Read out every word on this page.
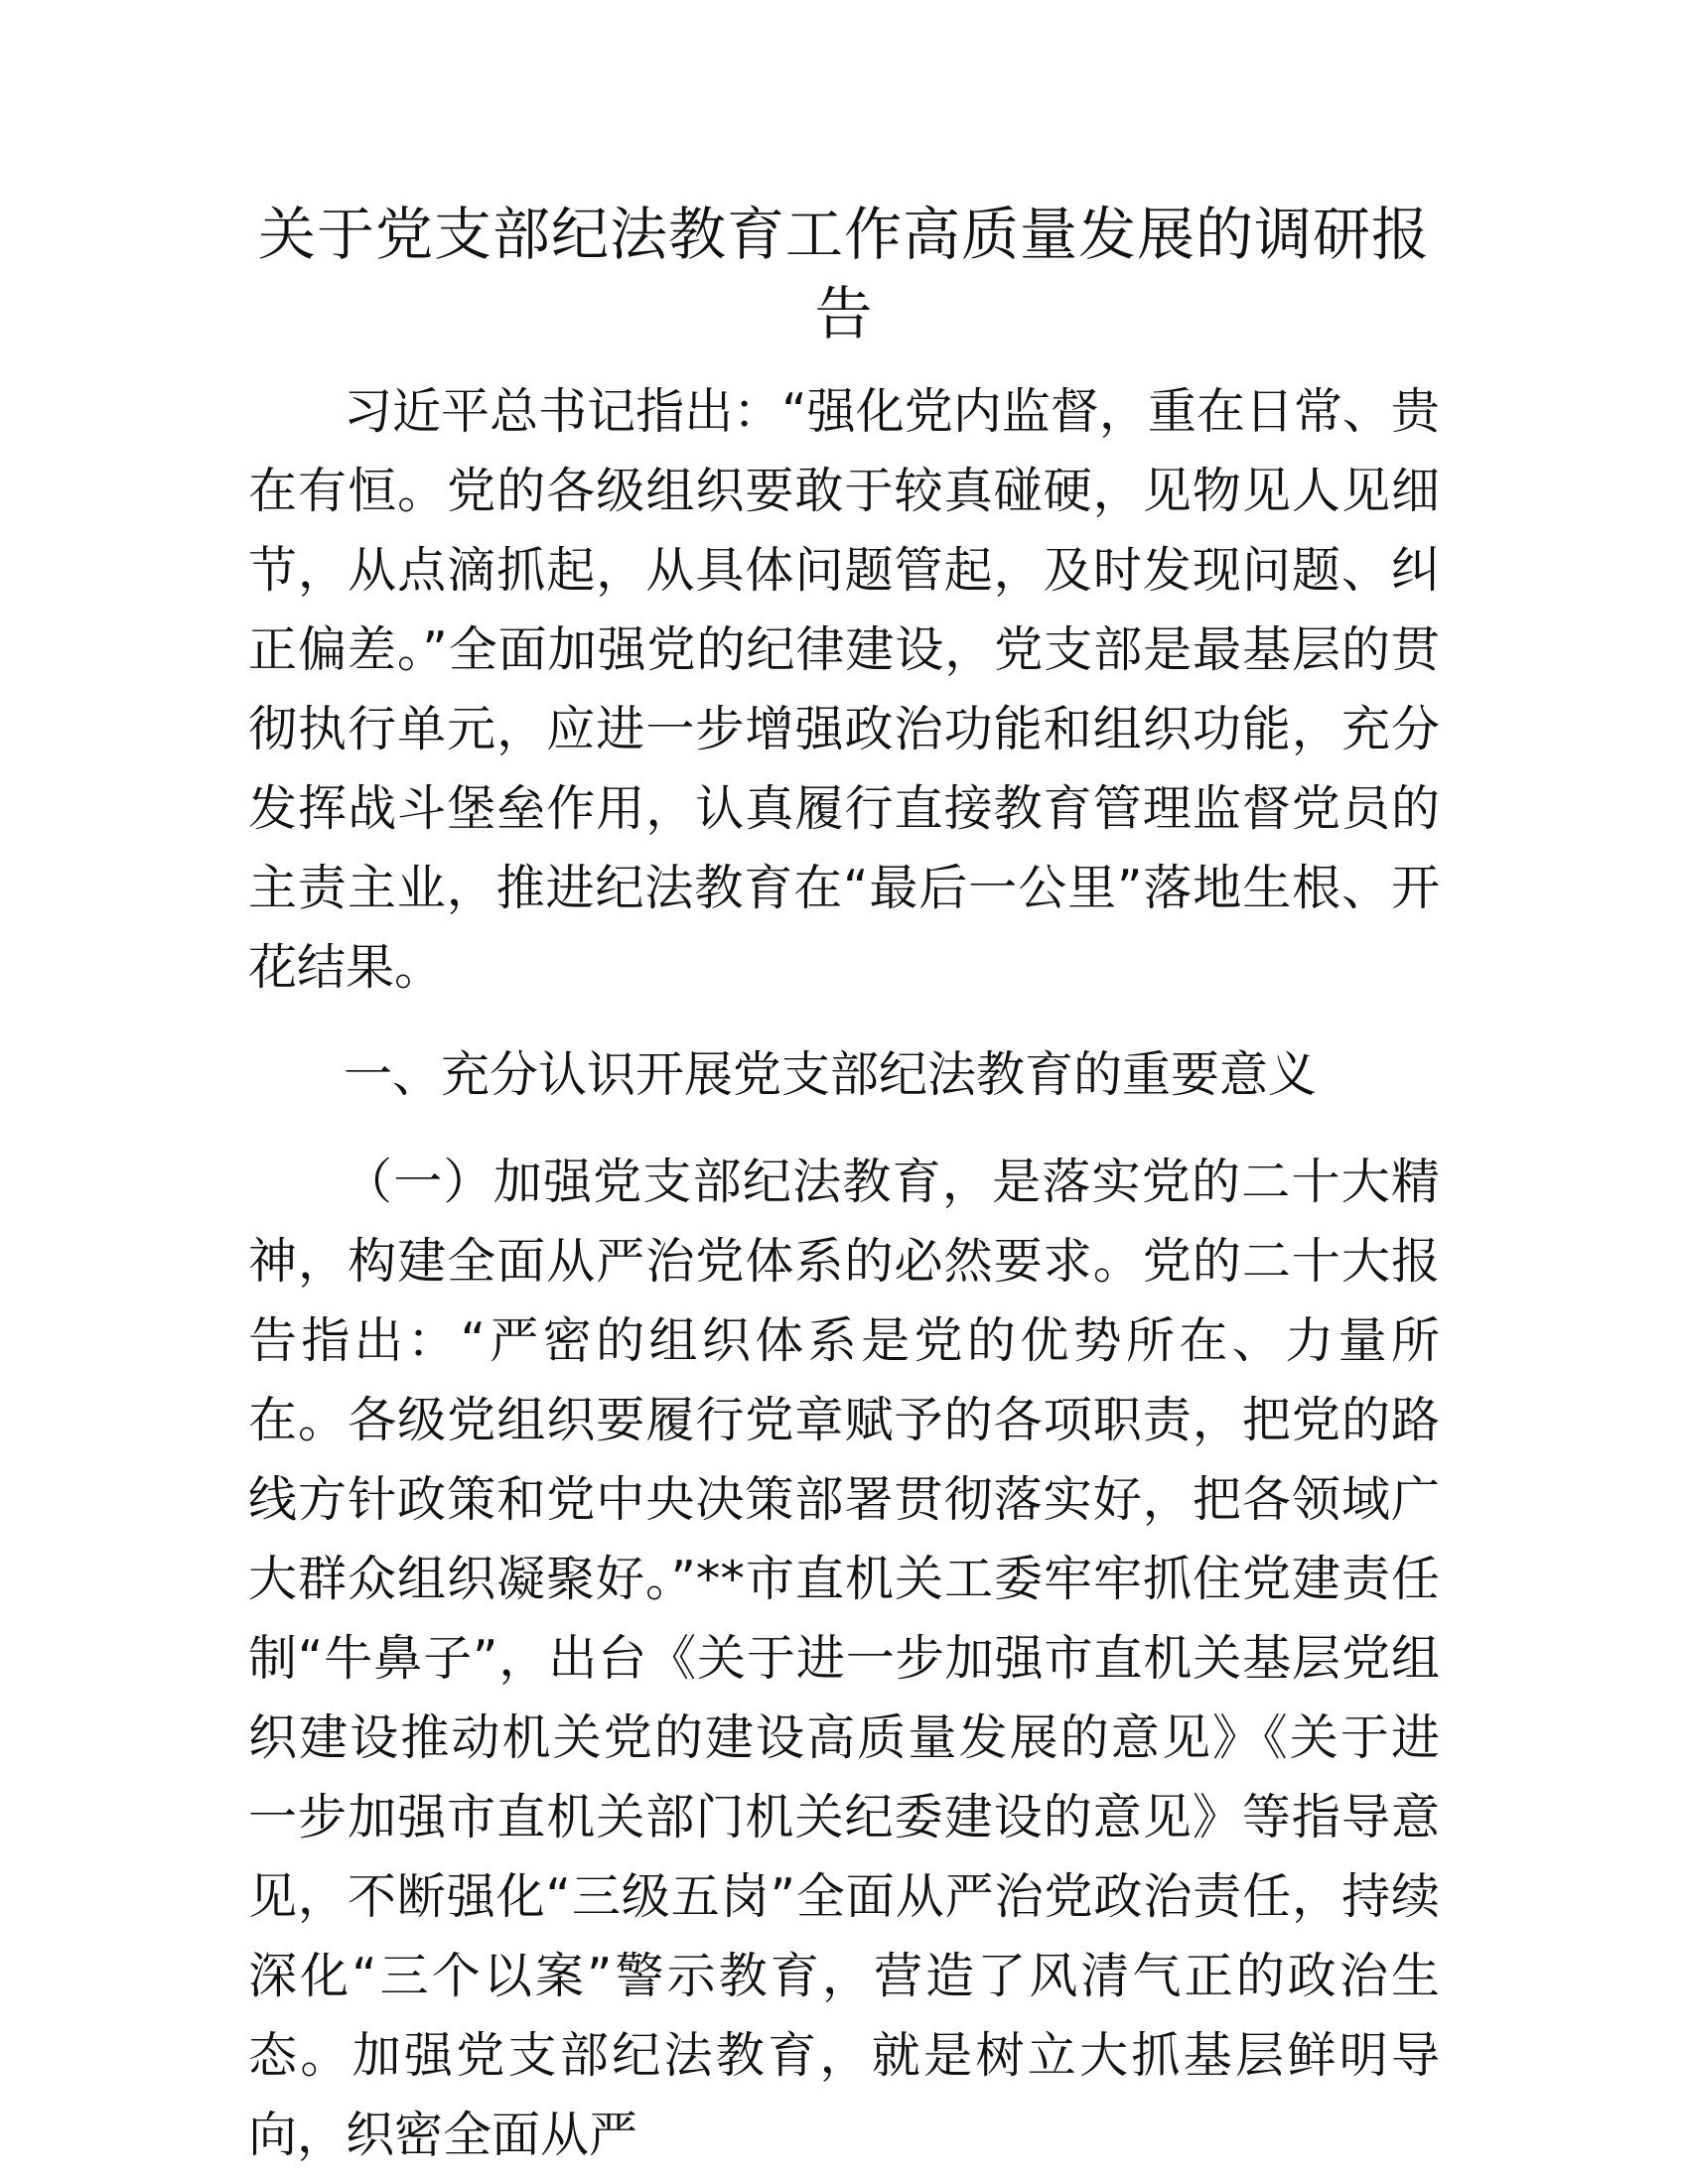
关于党支部纪法教育工作高质量发展的调研报告

习近平总书记指出：“强化党内监督，重在日常、贵在有恒。党的各级组织要敢于较真碰硬，见物见人见细节，从点滴抓起，从具体问题管起，及时发现问题、纠正偏差。”全面加强党的纪律建设，党支部是最基层的贯彻执行单元，应进一步增强政治功能和组织功能，充分发挥战斗堡垒作用，认真履行直接教育管理监督党员的主责主业，推进纪法教育在“最后一公里”落地生根、开花结果。

一、充分认识开展党支部纪法教育的重要意义

（一）加强党支部纪法教育，是落实党的二十大精神，构建全面从严治党体系的必然要求。党的二十大报告指出：“严密的组织体系是党的优势所在、力量所在。各级党组织要履行党章赋予的各项职责，把党的路线方针政策和党中央决策部署贯彻落实好，把各领域广大群众组织凝聚好。”**市直机关工委牢牢抓住党建责任制“牛鼻子”，出台《关于进一步加强市直机关基层党组织建设推动机关党的建设高质量发展的意见》《关于进一步加强市直机关部门机关纪委建设的意见》等指导意见，不断强化“三级五岗”全面从严治党政治责任，持续深化“三个以案”警示教育，营造了风清气正的政治生态。加强党支部纪法教育，就是树立大抓基层鲜明导向，织密全面从严
